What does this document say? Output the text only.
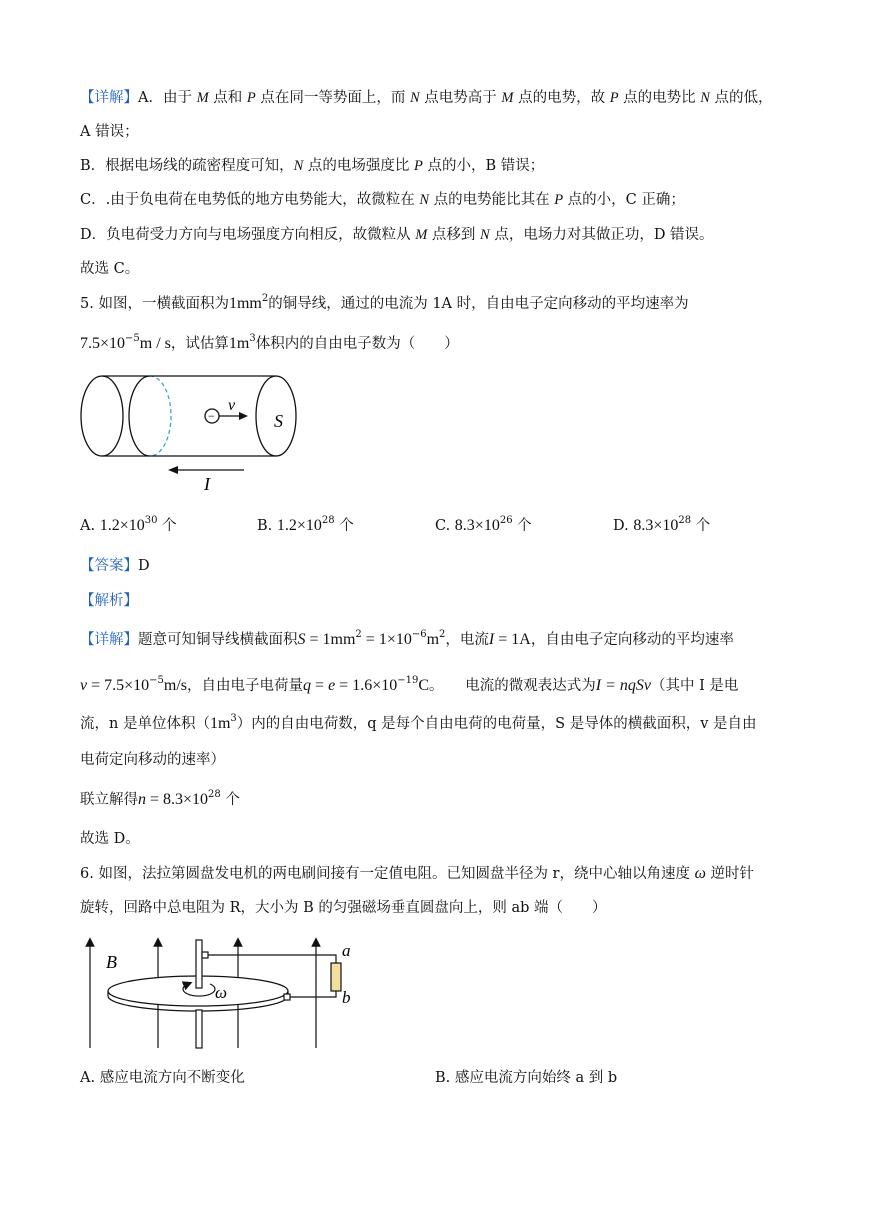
【详解】A．由于 M 点和 P 点在同一等势面上，而 N 点电势高于 M 点的电势，故 P 点的电势比 N 点的低，
A 错误；
B．根据电场线的疏密程度可知，N 点的电场强度比 P 点的小，B 错误；
C．.由于负电荷在电势低的地方电势能大，故微粒在 N 点的电势能比其在 P 点的小，C 正确；
D．负电荷受力方向与电场强度方向相反，故微粒从 M 点移到 N 点，电场力对其做正功，D 错误。
故选 C。
5. 如图，一横截面积为$1mm^2$的铜导线，通过的电流为 1A 时，自由电子定向移动的平均速率为
$7.5\times 10^{-5}m / s$，试估算$1m^3$体积内的自由电子数为（　　）
−
v
S
I
A. $1.2\times 10^{30}$ 个	B. $1.2\times 10^{28}$ 个	C. $8.3\times 10^{26}$ 个	D. $8.3\times 10^{28}$ 个
【答案】D
【解析】
【详解】题意可知铜导线横截面积$S = 1mm^2 = 1\times 10^{-6}m^2$，电流I = 1A，自由电子定向移动的平均速率
$v = 7.5\times 10^{-5}m/s$，自由电子电荷量$q = e = 1.6\times 10^{-19}C$。　　电流的微观表达式为I = nqSv（其中 I 是电
流，n 是单位体积$(1m^3)$内的自由电荷数，q 是每个自由电荷的电荷量，S 是导体的横截面积，v 是自由
电荷定向移动的速率）
联立解得$n = 8.3\times 10^{28}$ 个
故选 D。
6. 如图，法拉第圆盘发电机的两电刷间接有一定值电阻。已知圆盘半径为 r，绕中心轴以角速度 ω 逆时针
旋转，回路中总电阻为 R，大小为 B 的匀强磁场垂直圆盘向上，则 ab 端（　　）
B
a
b
ω
A. 感应电流方向不断变化	B. 感应电流方向始终 a 到 b
